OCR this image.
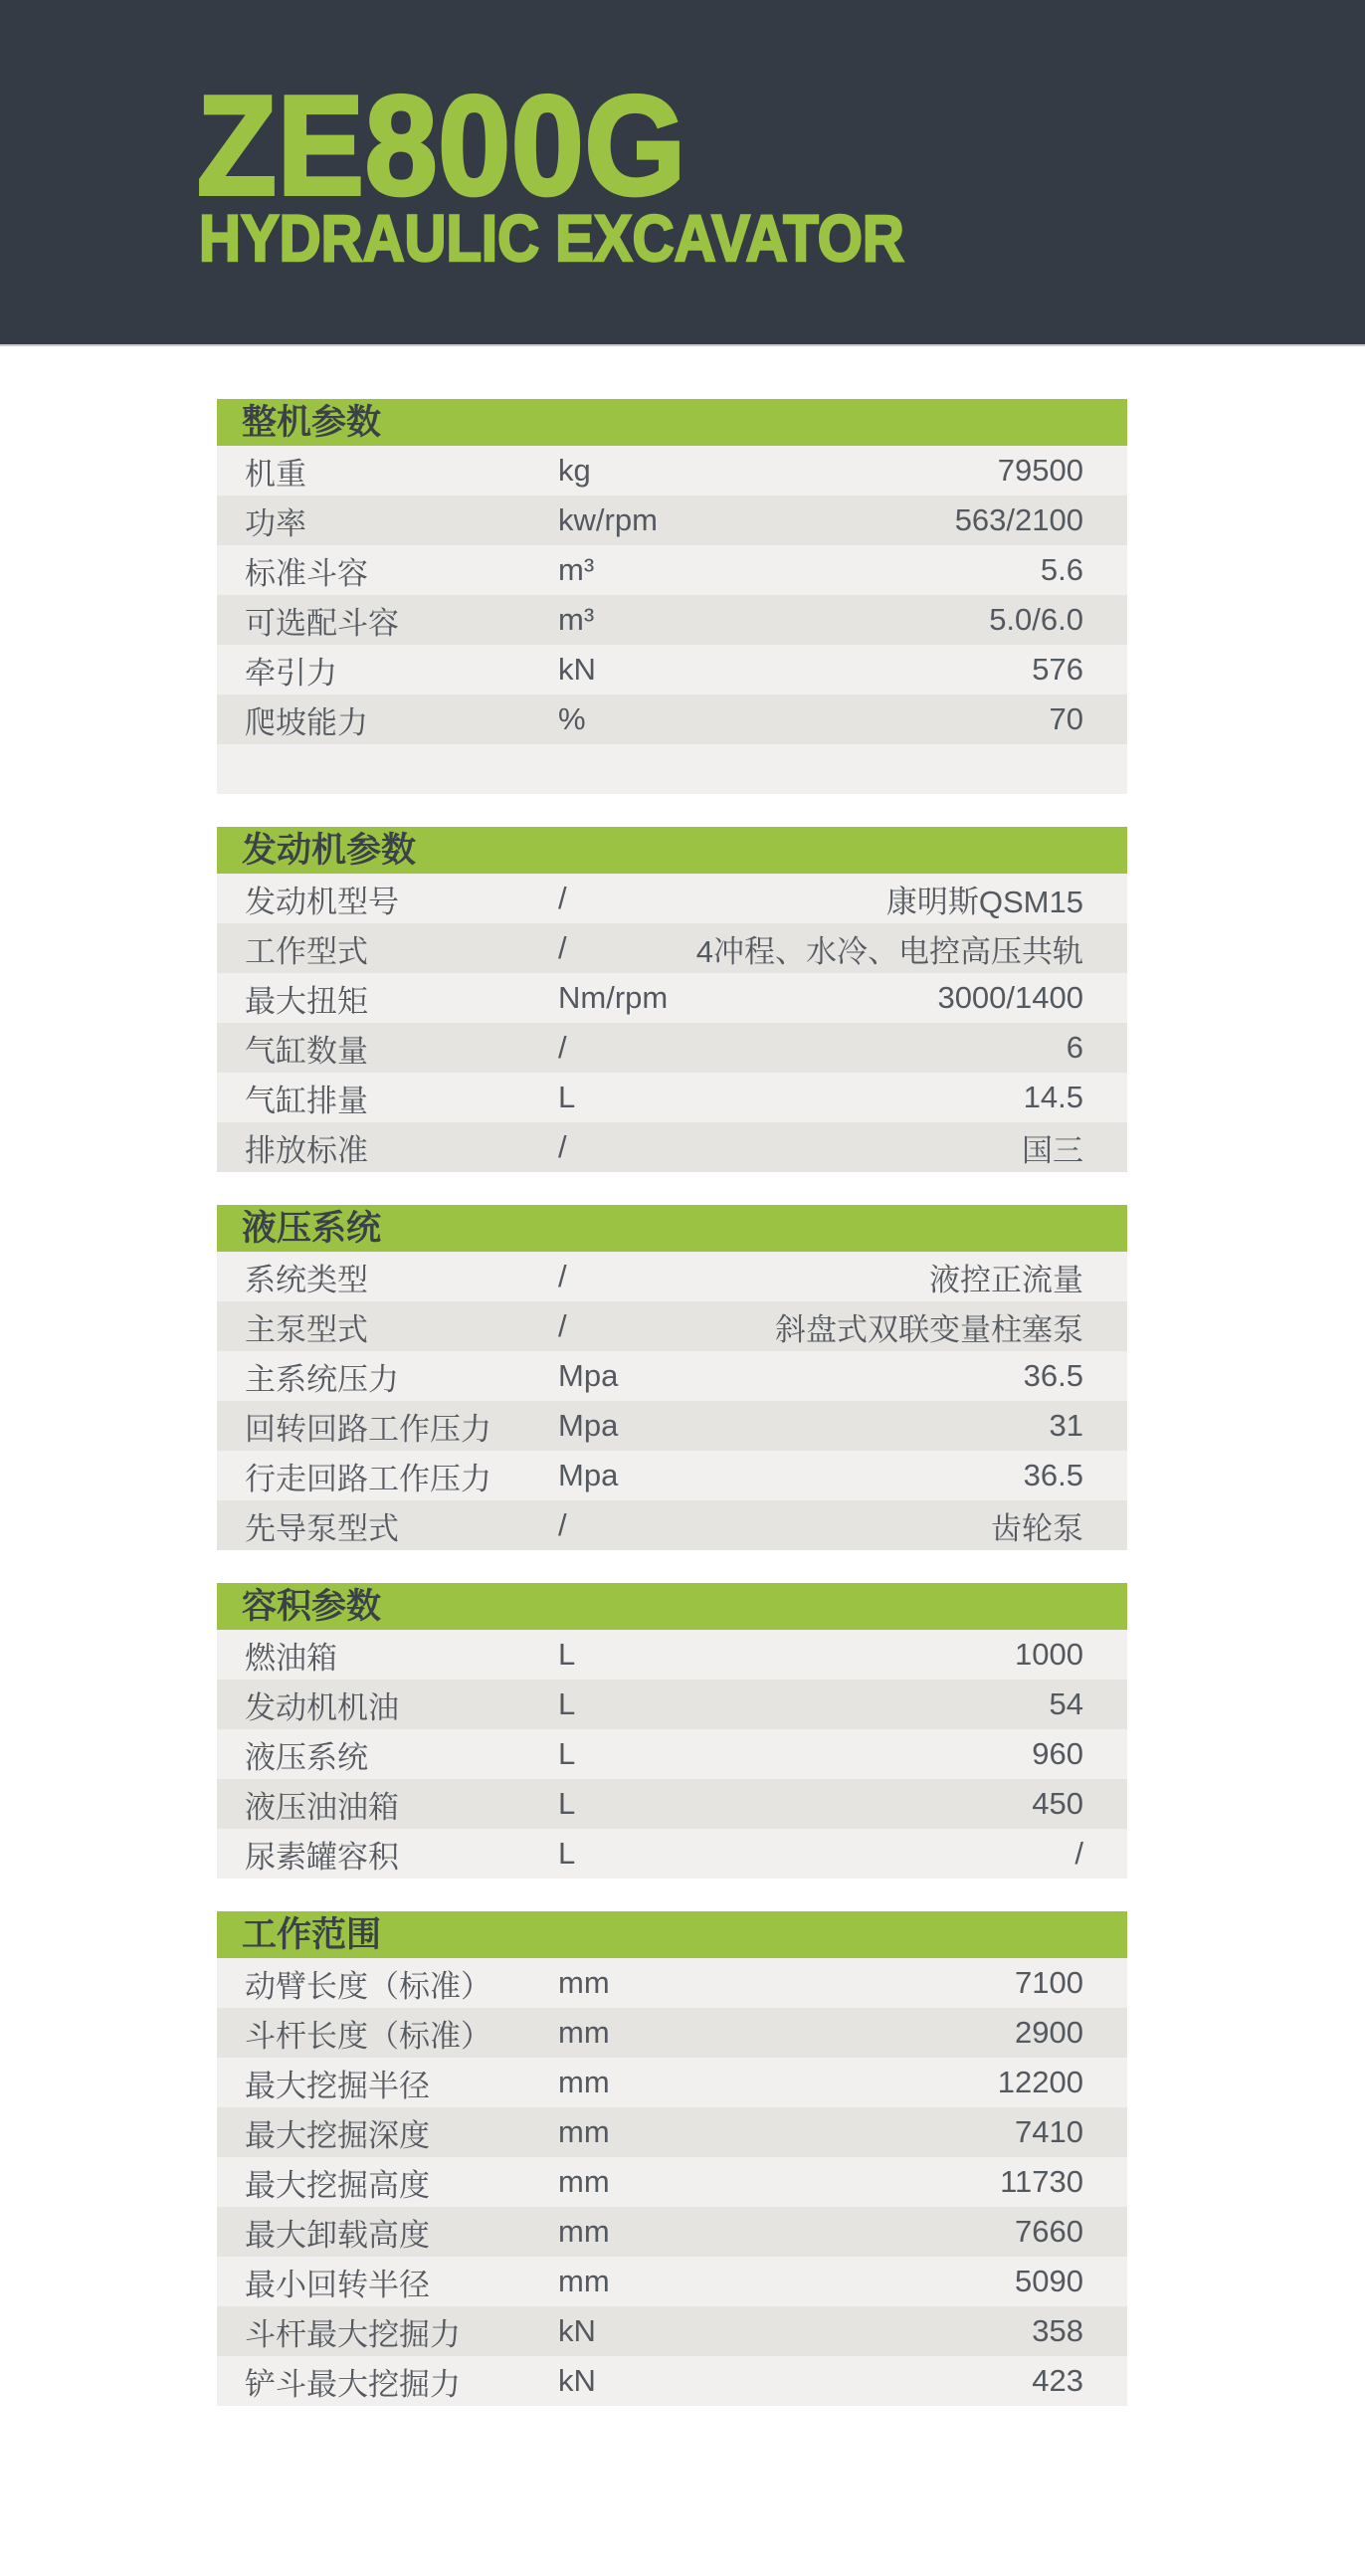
ZE800G
HYDRAULIC EXCAVATOR
整机参数
机重	kg	79500
功率	kw/rpm	563/2100
标准斗容	m³	5.6
可选配斗容	m³	5.0/6.0
牵引力	kN	576
爬坡能力	%	70
发动机参数
发动机型号	/	康明斯QSM15
工作型式	/	4冲程、水冷、电控高压共轨
最大扭矩	Nm/rpm	3000/1400
气缸数量	/	6
气缸排量	L	14.5
排放标准	/	国三
液压系统
系统类型	/	液控正流量
主泵型式	/	斜盘式双联变量柱塞泵
主系统压力	Mpa	36.5
回转回路工作压力	Mpa	31
行走回路工作压力	Mpa	36.5
先导泵型式	/	齿轮泵
容积参数
燃油箱	L	1000
发动机机油	L	54
液压系统	L	960
液压油油箱	L	450
尿素罐容积	L	/
工作范围
动臂长度（标准）	mm	7100
斗杆长度（标准）	mm	2900
最大挖掘半径	mm	12200
最大挖掘深度	mm	7410
最大挖掘高度	mm	11730
最大卸载高度	mm	7660
最小回转半径	mm	5090
斗杆最大挖掘力	kN	358
铲斗最大挖掘力	kN	423
